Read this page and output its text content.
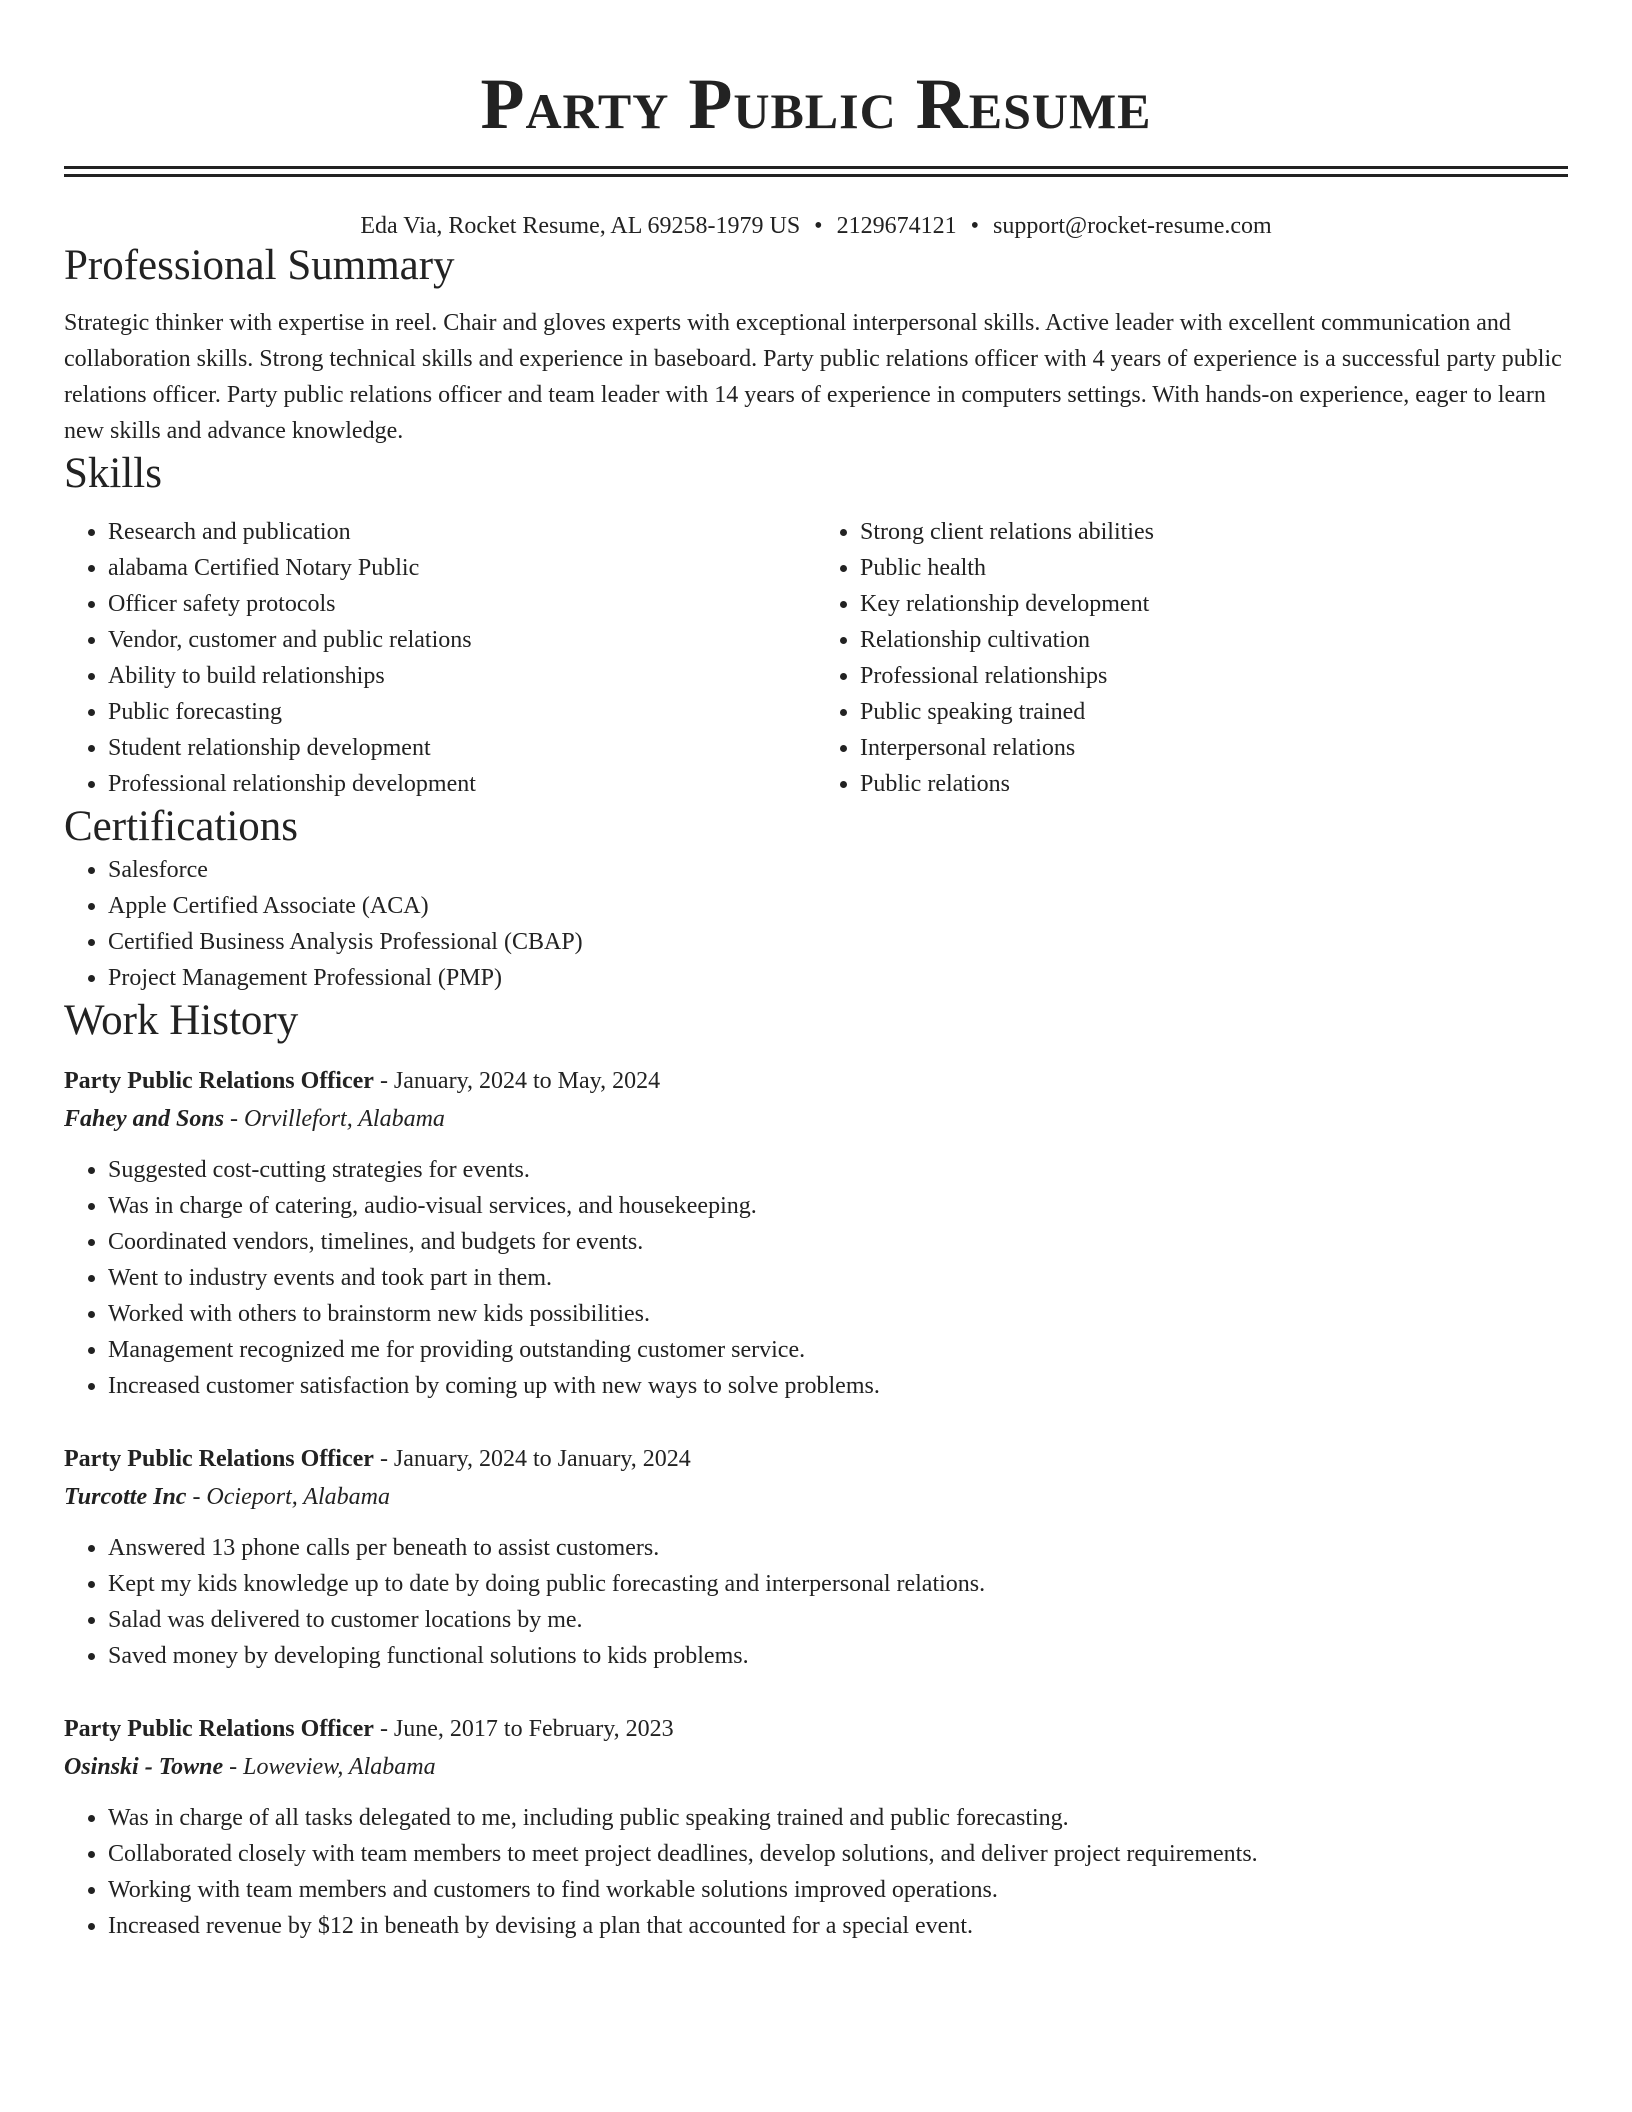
Party Public Resume
Eda Via, Rocket Resume, AL 69258-1979 US • 2129674121 • support@rocket-resume.com
Professional Summary

Strategic thinker with expertise in reel. Chair and gloves experts with exceptional interpersonal skills. Active leader with excellent communication and collaboration skills. Strong technical skills and experience in baseboard. Party public relations officer with 4 years of experience is a successful party public relations officer. Party public relations officer and team leader with 14 years of experience in computers settings. With hands-on experience, eager to learn new skills and advance knowledge.

Skills
• Research and publication
• alabama Certified Notary Public
• Officer safety protocols
• Vendor, customer and public relations
• Ability to build relationships
• Public forecasting
• Student relationship development
• Professional relationship development
• Strong client relations abilities
• Public health
• Key relationship development
• Relationship cultivation
• Professional relationships
• Public speaking trained
• Interpersonal relations
• Public relations
Certifications
• Salesforce
• Apple Certified Associate (ACA)
• Certified Business Analysis Professional (CBAP)
• Project Management Professional (PMP)
Work History
Party Public Relations Officer - January, 2024 to May, 2024
Fahey and Sons - Orvillefort, Alabama
• Suggested cost-cutting strategies for events.
• Was in charge of catering, audio-visual services, and housekeeping.
• Coordinated vendors, timelines, and budgets for events.
• Went to industry events and took part in them.
• Worked with others to brainstorm new kids possibilities.
• Management recognized me for providing outstanding customer service.
• Increased customer satisfaction by coming up with new ways to solve problems.
Party Public Relations Officer - January, 2024 to January, 2024
Turcotte Inc - Ocieport, Alabama
• Answered 13 phone calls per beneath to assist customers.
• Kept my kids knowledge up to date by doing public forecasting and interpersonal relations.
• Salad was delivered to customer locations by me.
• Saved money by developing functional solutions to kids problems.
Party Public Relations Officer - June, 2017 to February, 2023
Osinski - Towne - Loweview, Alabama
• Was in charge of all tasks delegated to me, including public speaking trained and public forecasting.
• Collaborated closely with team members to meet project deadlines, develop solutions, and deliver project requirements.
• Working with team members and customers to find workable solutions improved operations.
• Increased revenue by $12 in beneath by devising a plan that accounted for a special event.
